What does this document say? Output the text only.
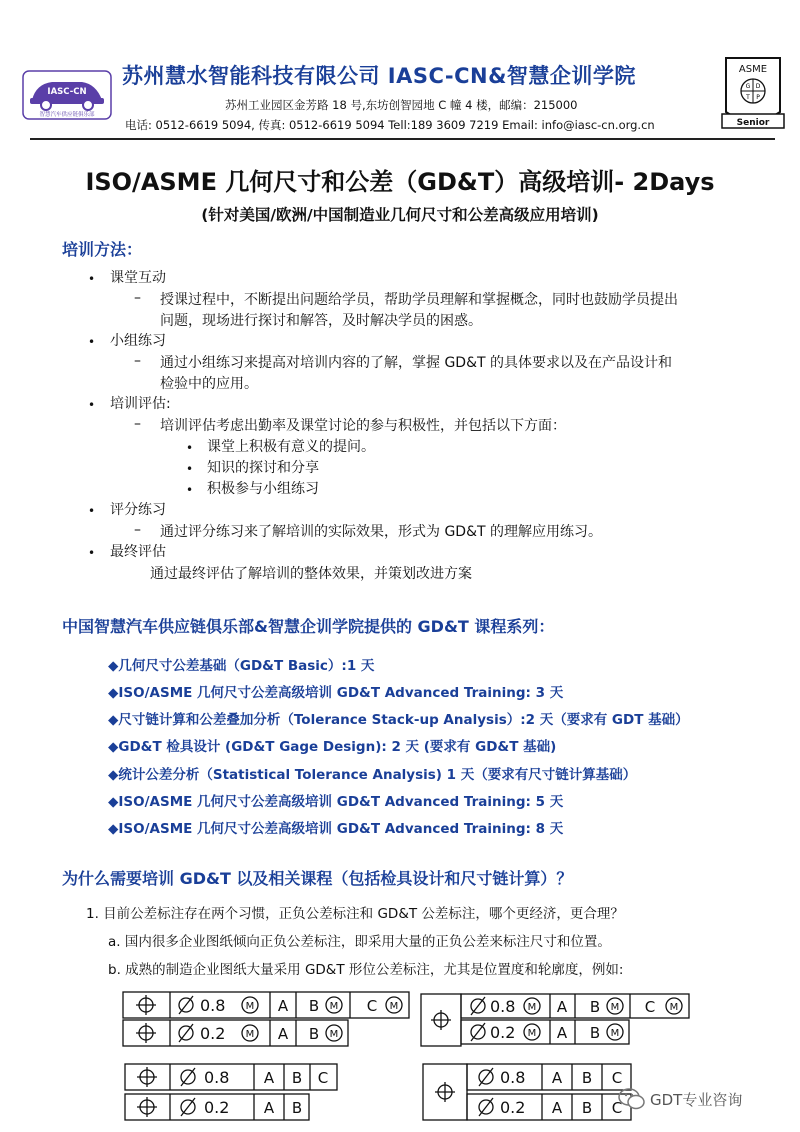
IASC-CN
智慧汽车供应链俱乐部
苏州慧水智能科技有限公司 IASC-CN&智慧企训学院
苏州工业园区金芳路 18 号,东坊创智园地 C 幢 4 楼，邮编：215000
电话: 0512-6619 5094, 传真: 0512-6619 5094 Tell:189 3609 7219 Email: info@iasc-cn.org.cn
ASME
G D
T P
Senior
ISO/ASME 几何尺寸和公差（GD&T）高级培训- 2Days
(针对美国/欧洲/中国制造业几何尺寸和公差高级应用培训)
培训方法：
• 课堂互动
– 授课过程中，不断提出问题给学员，帮助学员理解和掌握概念，同时也鼓励学员提出
问题，现场进行探讨和解答，及时解决学员的困惑。
• 小组练习
– 通过小组练习来提高对培训内容的了解，掌握 GD&T 的具体要求以及在产品设计和
检验中的应用。
• 培训评估:
– 培训评估考虑出勤率及课堂讨论的参与积极性，并包括以下方面：
• 课堂上积极有意义的提问。
• 知识的探讨和分享
• 积极参与小组练习
• 评分练习
– 通过评分练习来了解培训的实际效果，形式为 GD&T 的理解应用练习。
• 最终评估
通过最终评估了解培训的整体效果，并策划改进方案
中国智慧汽车供应链俱乐部&智慧企训学院提供的 GD&T 课程系列：
◆几何尺寸公差基础（GD&T Basic）:1 天
◆ISO/ASME 几何尺寸公差高级培训 GD&T Advanced Training: 3 天
◆尺寸链计算和公差叠加分析（Tolerance Stack-up Analysis）:2 天（要求有 GDT 基础）
◆GD&T 检具设计 (GD&T Gage Design): 2 天 (要求有 GD&T 基础)
◆统计公差分析（Statistical Tolerance Analysis) 1 天（要求有尺寸链计算基础）
◆ISO/ASME 几何尺寸公差高级培训 GD&T Advanced Training: 5 天
◆ISO/ASME 几何尺寸公差高级培训 GD&T Advanced Training: 8 天
为什么需要培训 GD&T 以及相关课程（包括检具设计和尺寸链计算）？
1. 目前公差标注存在两个习惯，正负公差标注和 GD&T 公差标注，哪个更经济，更合理？
a. 国内很多企业图纸倾向正负公差标注，即采用大量的正负公差来标注尺寸和位置。
b. 成熟的制造企业图纸大量采用 GD&T 形位公差标注，尤其是位置度和轮廓度，例如:
0.8
0.2
M
M
A
A
B
B
M
M
C M	0.8
0.2
M
M
A
A
B
B
M
M
C M
0.8
0.2
A
A
B
B
C	0.8
0.2
A
A
B
B
C
C GDT专业咨询
